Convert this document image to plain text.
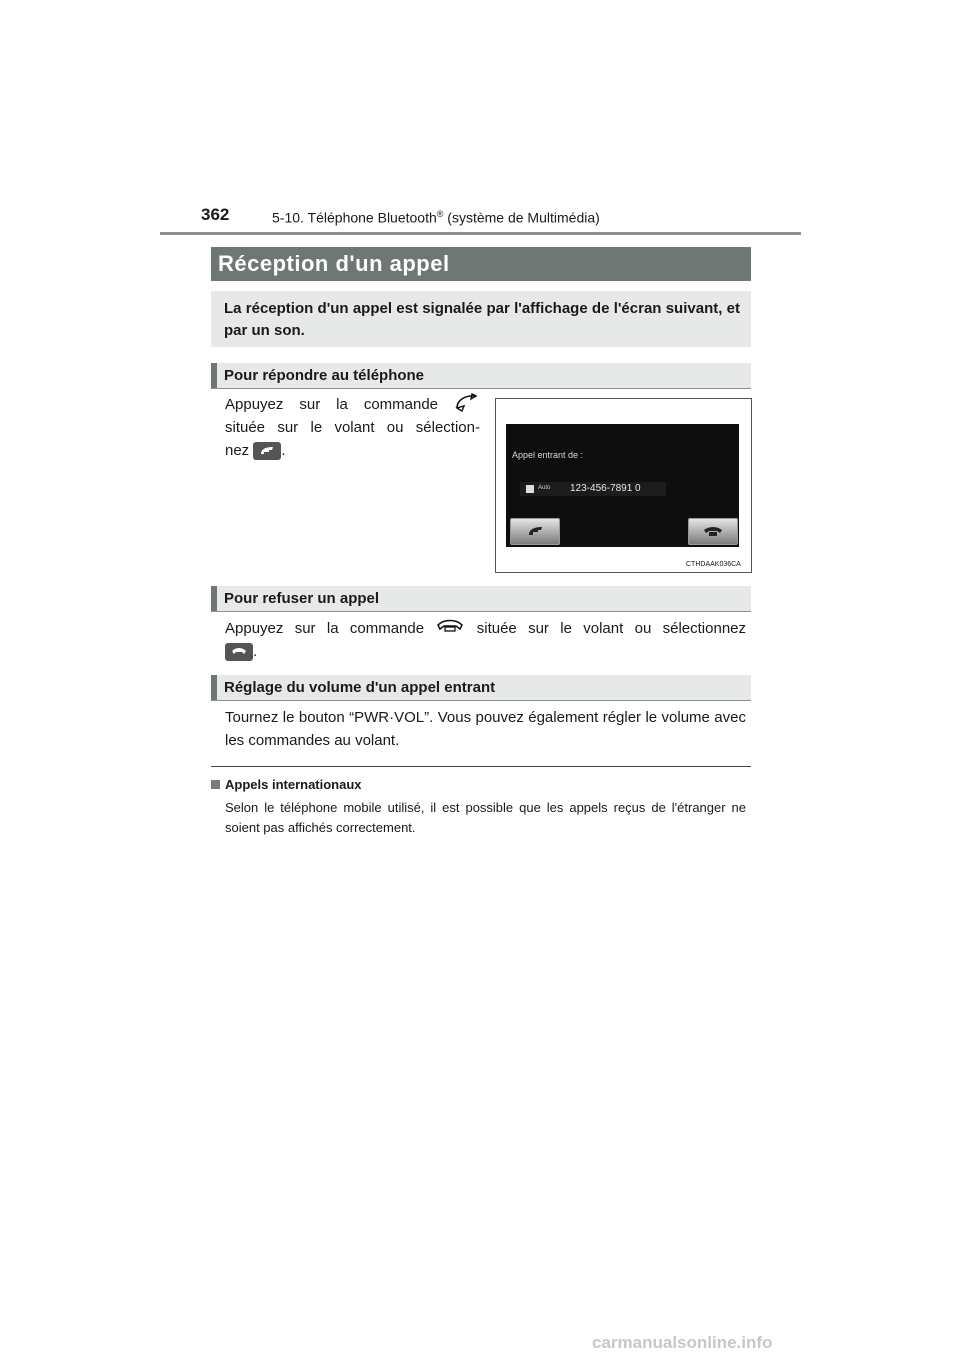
362	5-10. Téléphone Bluetooth® (système de Multimédia)
Réception d'un appel

La réception d'un appel est signalée par l'affichage de l'écran suivant, et par un son.

Pour répondre au téléphone
Appuyez sur la commande
située sur le volant ou sélection-
nez .	Appel entrant de :
Auto 123-456-7891 0
CTHDAAK036CA
Pour refuser un appel
Appuyez sur la commande	située sur le volant ou sélectionnez
.
Réglage du volume d'un appel entrant
Tournez le bouton “PWR·VOL”. Vous pouvez également régler le volume avec les commandes au volant.
Appels internationaux

Selon le téléphone mobile utilisé, il est possible que les appels reçus de l'étranger ne soient pas affichés correctement.

carmanualsonline.info
